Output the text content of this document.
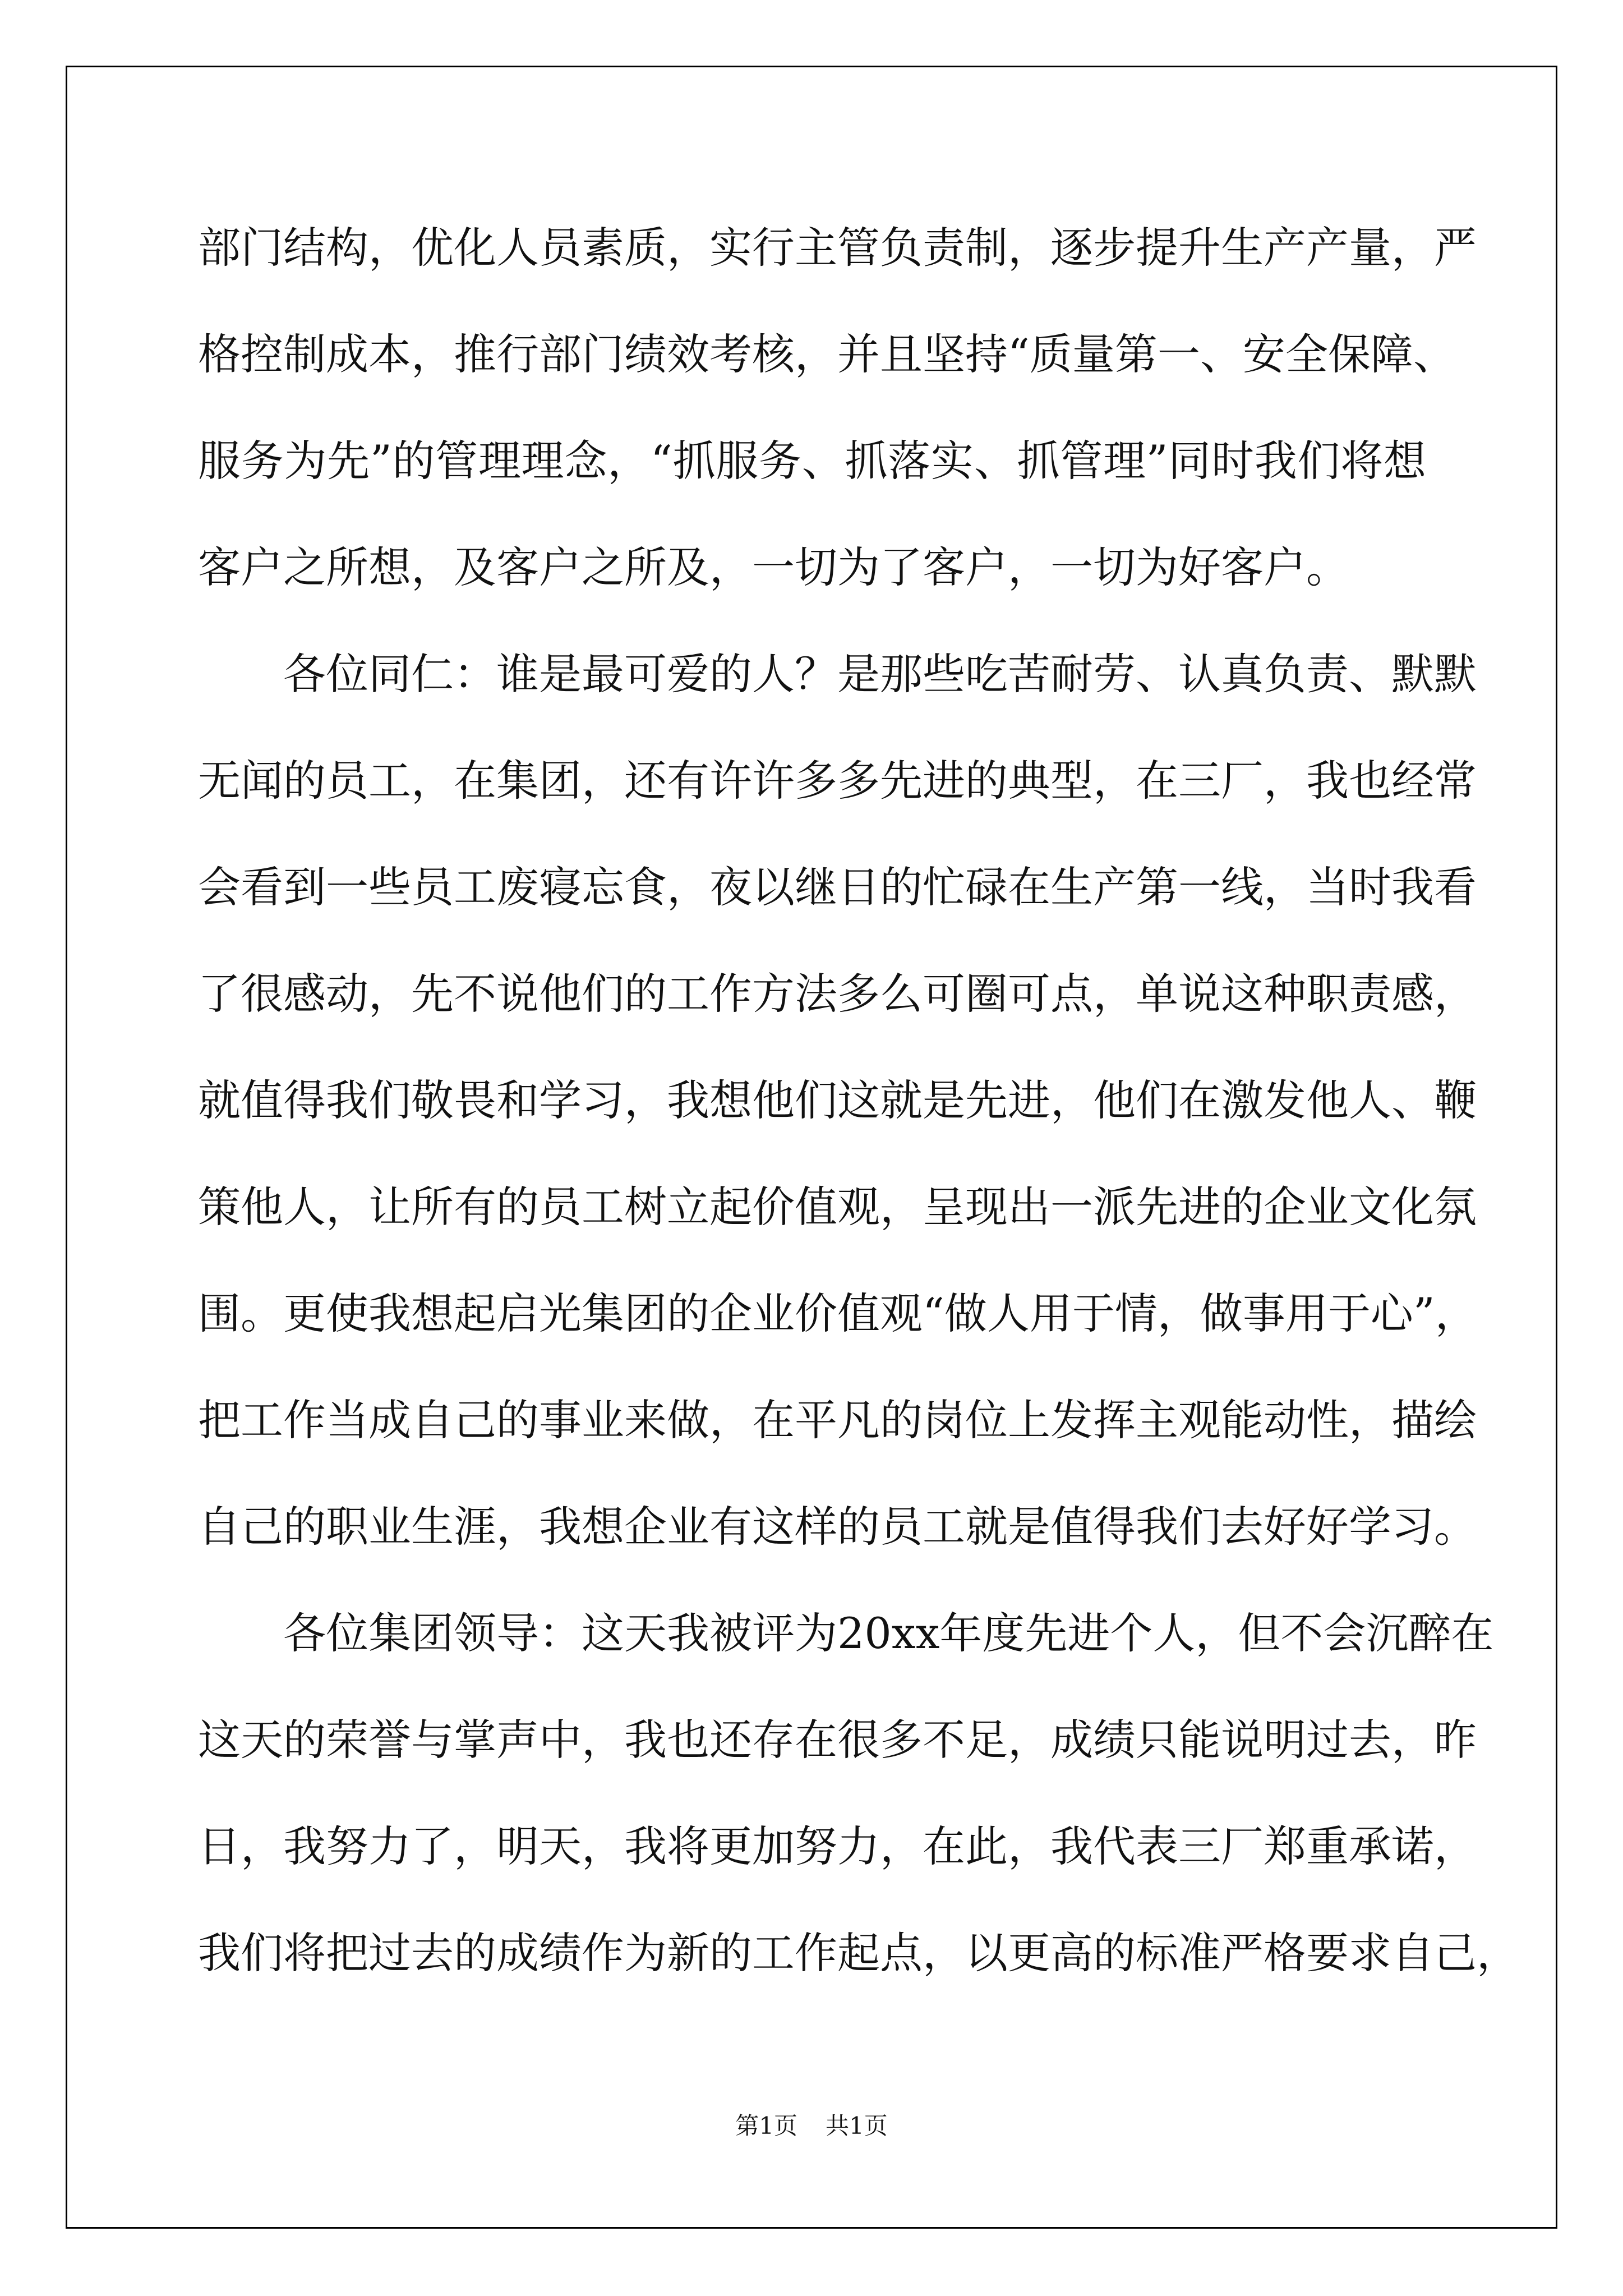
部门结构，优化人员素质，实行主管负责制，逐步提升生产产量，严
格控制成本，推行部门绩效考核，并且坚持“质量第一、安全保障、
服务为先”的管理理念，“抓服务、抓落实、抓管理”同时我们将想
客户之所想，及客户之所及，一切为了客户，一切为好客户。
　　各位同仁：谁是最可爱的人？是那些吃苦耐劳、认真负责、默默
无闻的员工，在集团，还有许许多多先进的典型，在三厂，我也经常
会看到一些员工废寝忘食，夜以继日的忙碌在生产第一线，当时我看
了很感动，先不说他们的工作方法多么可圈可点，单说这种职责感，
就值得我们敬畏和学习，我想他们这就是先进，他们在激发他人、鞭
策他人，让所有的员工树立起价值观，呈现出一派先进的企业文化氛
围。更使我想起启光集团的企业价值观“做人用于情，做事用于心”，
把工作当成自己的事业来做，在平凡的岗位上发挥主观能动性，描绘
自己的职业生涯，我想企业有这样的员工就是值得我们去好好学习。
　　各位集团领导：这天我被评为20xx年度先进个人，但不会沉醉在
这天的荣誉与掌声中，我也还存在很多不足，成绩只能说明过去，昨
日，我努力了，明天，我将更加努力，在此，我代表三厂郑重承诺，
我们将把过去的成绩作为新的工作起点，以更高的标准严格要求自己，
第1页 共1页
